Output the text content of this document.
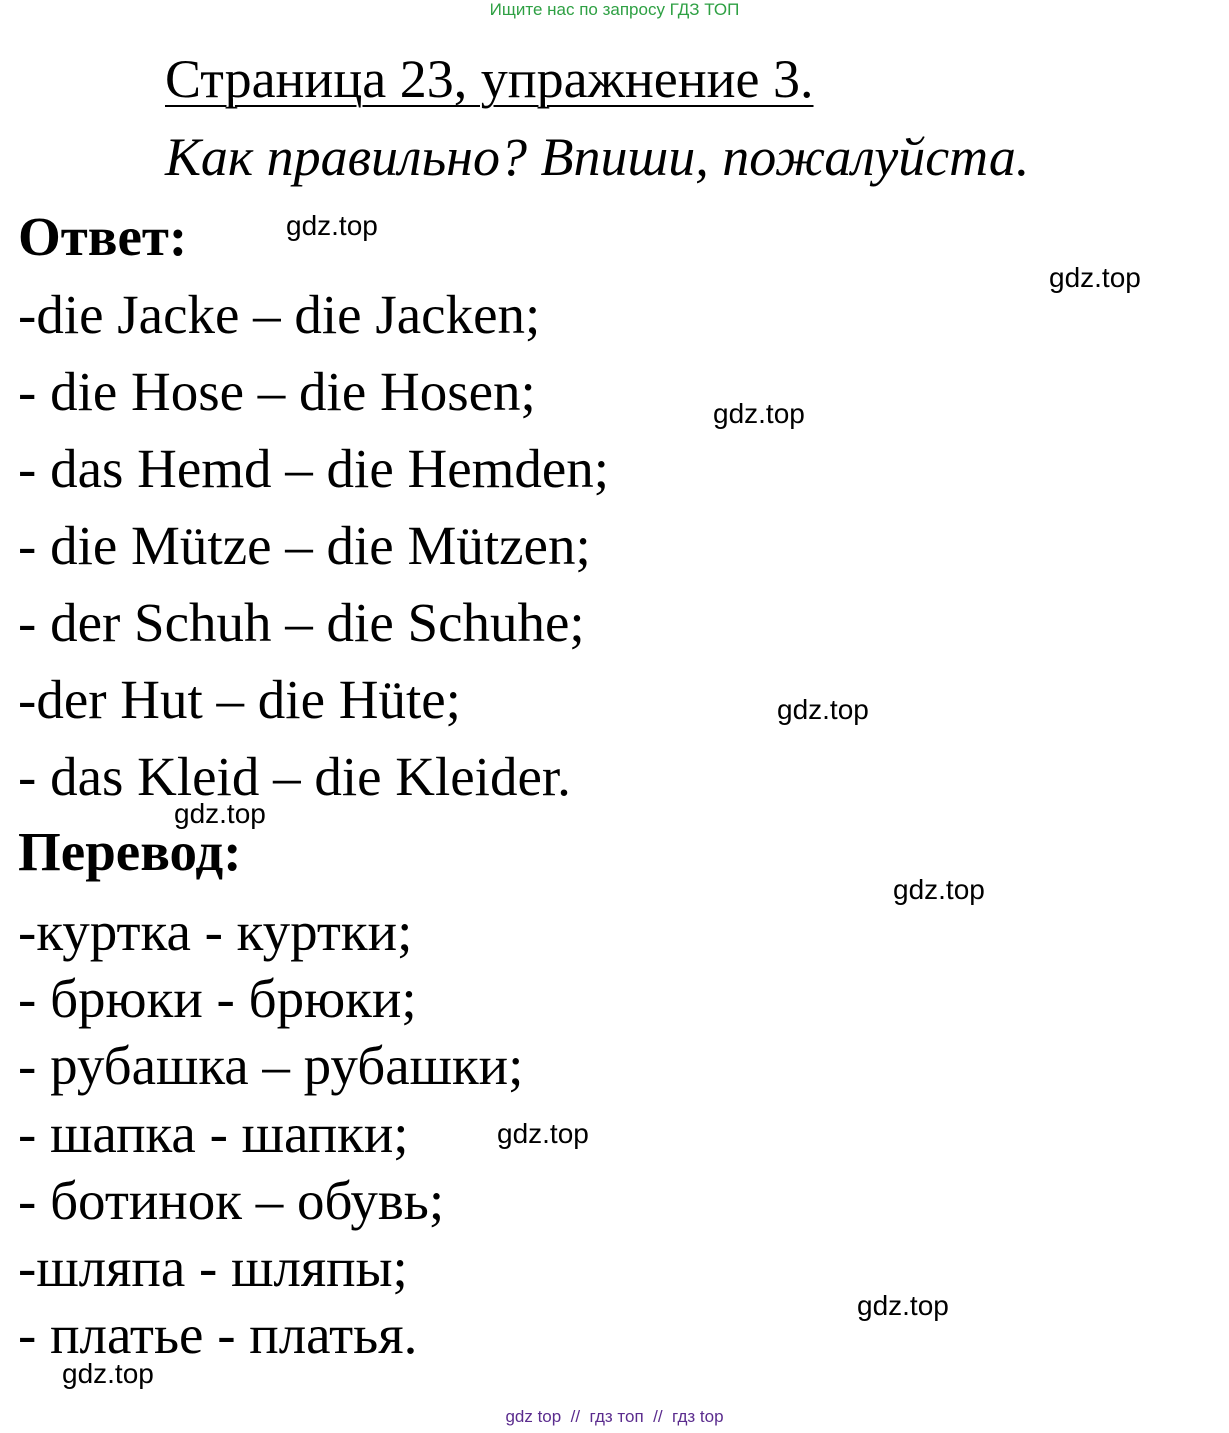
Ищите нас по запросу ГДЗ ТОП
Страница 23, упражнение 3.
Как правильно? Впиши, пожалуйста.
Ответ:
-die Jacke – die Jacken;
- die Hose – die Hosen;
- das Hemd – die Hemden;
- die Mütze – die Mützen;
- der Schuh – die Schuhe;
-der Hut – die Hüte;
- das Kleid – die Kleider.
Перевод:
-куртка - куртки;
- брюки - брюки;
- рубашка – рубашки;
- шапка - шапки;
- ботинок – обувь;
-шляпа - шляпы;
- платье - платья.
gdz.top
gdz.top
gdz.top
gdz.top
gdz.top
gdz.top
gdz.top
gdz.top
gdz.top
gdz top  //  гдз топ  //  гдз top
